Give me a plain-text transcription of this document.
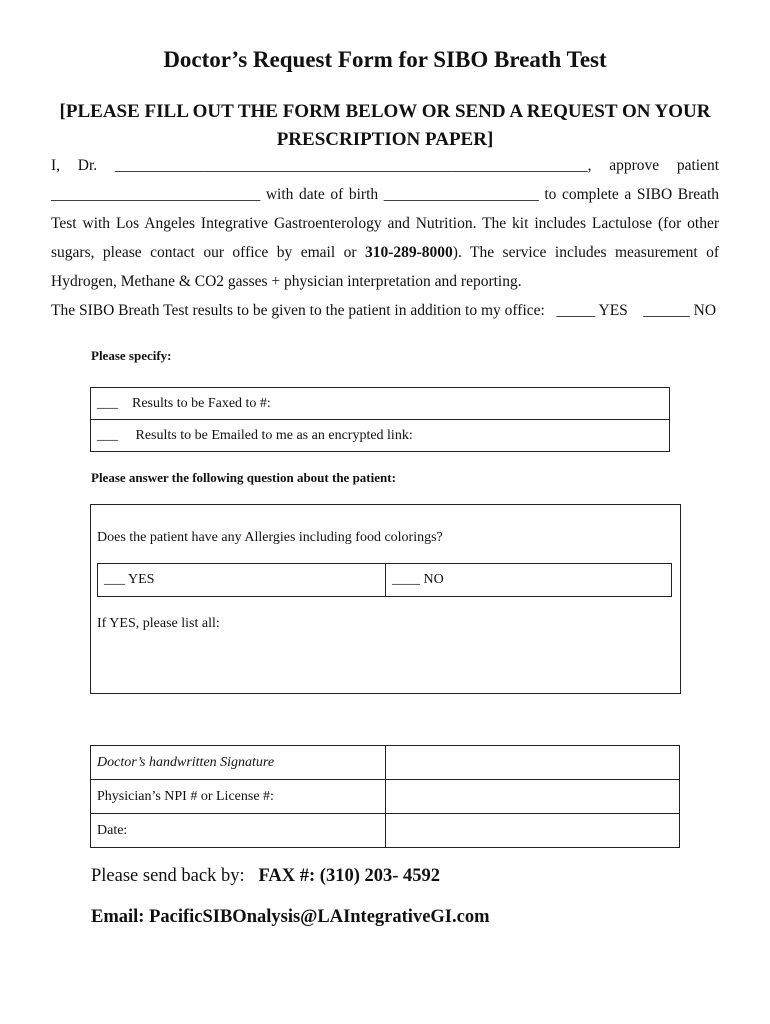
Doctor’s Request Form for SIBO Breath Test
[PLEASE FILL OUT THE FORM BELOW OR SEND A REQUEST ON YOUR PRESCRIPTION PAPER]

I, Dr. _____________________________________________________________, approve patient

___________________________ with date of birth ____________________ to complete a SIBO Breath Test with Los Angeles Integrative Gastroenterology and Nutrition. The kit includes Lactulose (for other sugars, please contact our office by email or 310-289-8000). The service includes measurement of Hydrogen, Methane & CO2 gasses + physician interpretation and reporting.

The SIBO Breath Test results to be given to the patient in addition to my office: _____ YES ______ NO

Please specify:
___    Results to be Faxed to #:
___     Results to be Emailed to me as an encrypted link:
Please answer the following question about the patient:
Does the patient have any Allergies including food colorings?
___ YES	____ NO
If YES, please list all:
Doctor’s handwritten Signature	
Physician’s NPI # or License #:	
Date:	
Please send back by: FAX #: (310) 203- 4592
Email: PacificSIBOnalysis@LAIntegrativeGI.com
